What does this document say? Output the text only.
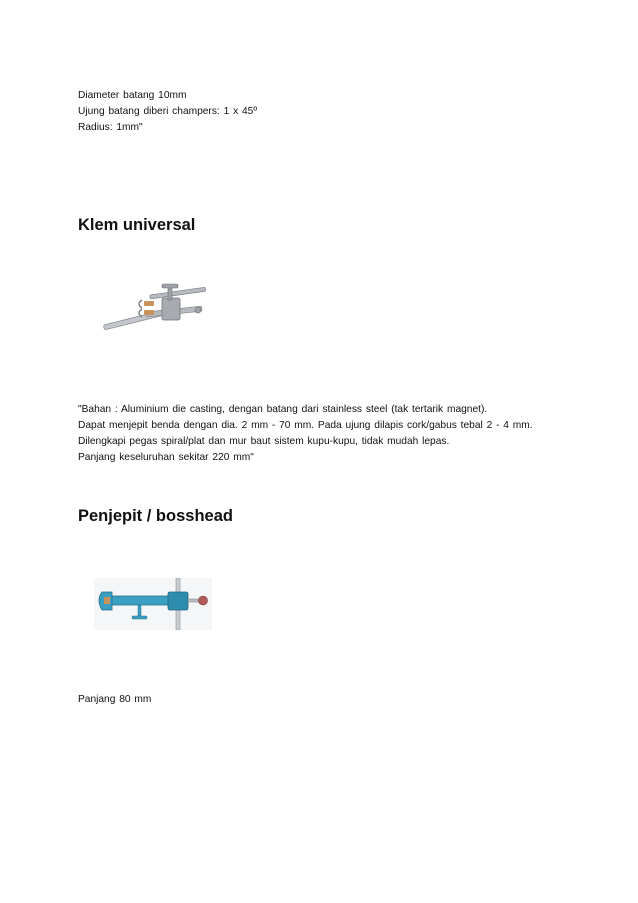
Diameter batang 10mm
Ujung batang diberi champers: 1 x 45º
Radius: 1mm"
Klem universal
"Bahan : Aluminium die casting, dengan batang dari stainless steel (tak tertarik magnet).
Dapat menjepit benda dengan dia. 2 mm - 70 mm. Pada ujung dilapis cork/gabus tebal 2 - 4 mm.
Dilengkapi pegas spiral/plat dan mur baut sistem kupu-kupu, tidak mudah lepas.
Panjang keseluruhan sekitar 220 mm"
Penjepit / bosshead
Panjang 80 mm
